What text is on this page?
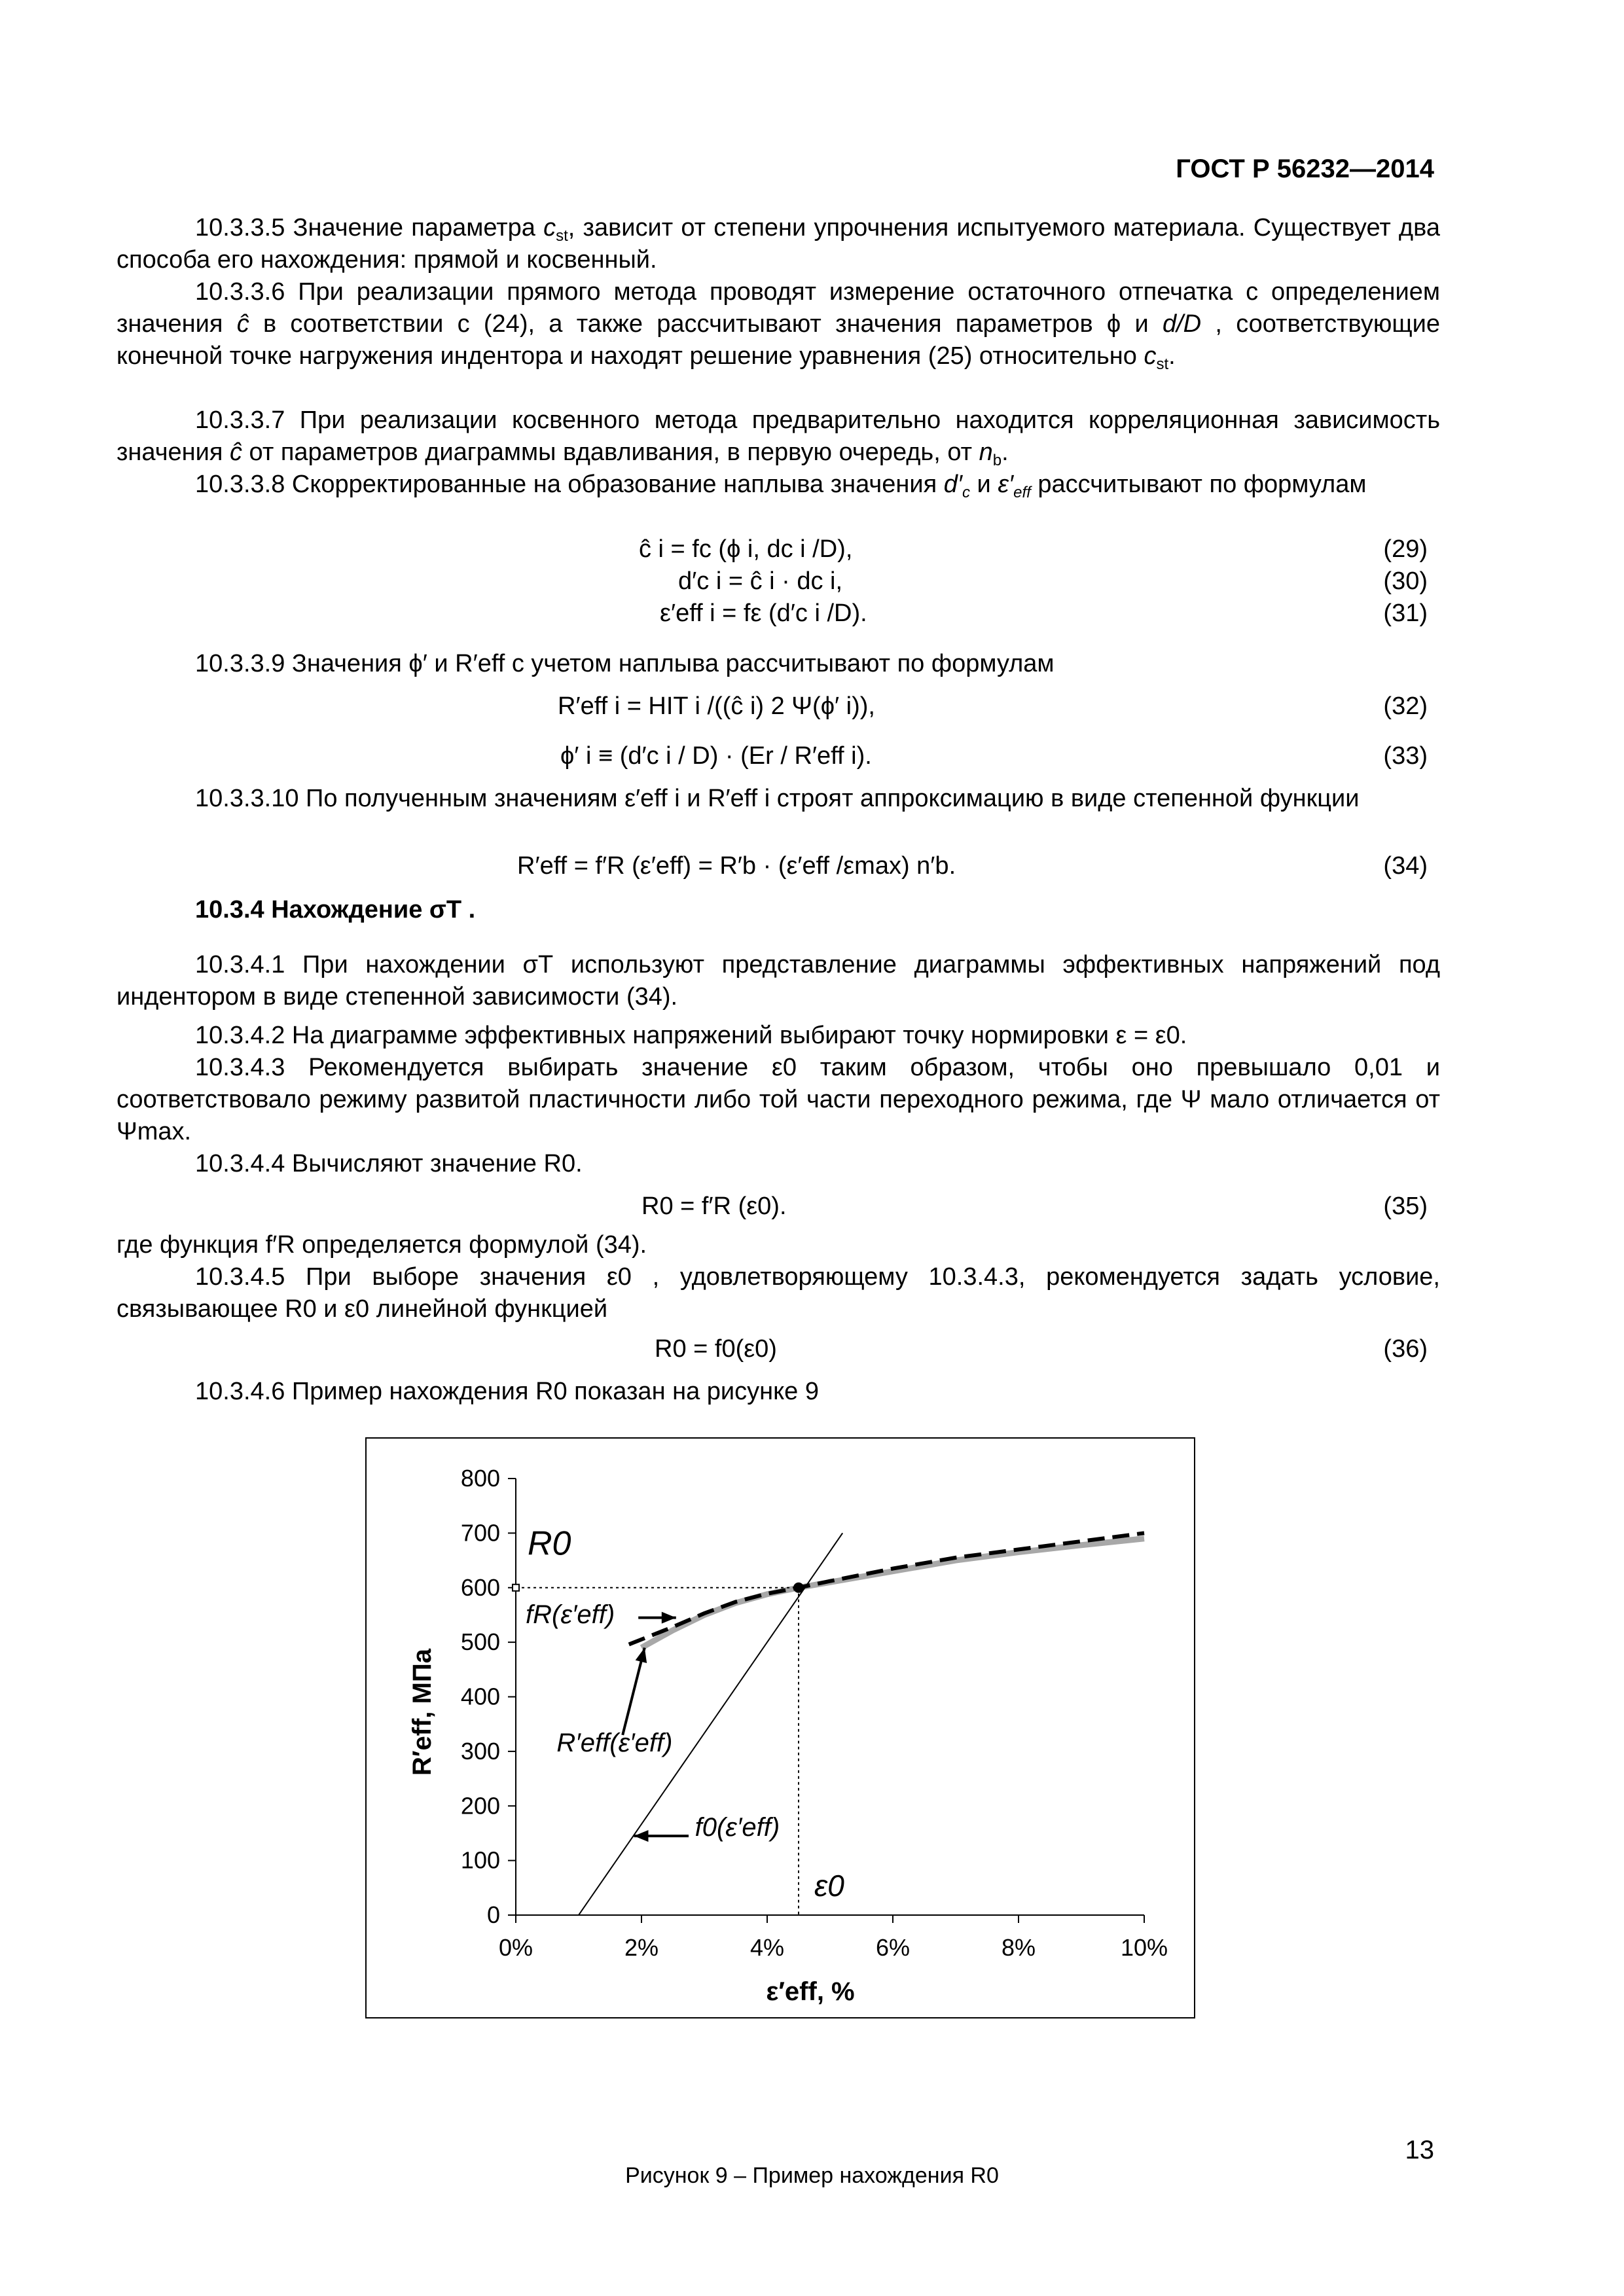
ГОСТ Р 56232—2014
10.3.3.5 Значение параметра $c_{st}$, зависит от степени упрочнения испытуемого материала. Существует два способа его нахождения: прямой и косвенный.
10.3.3.6 При реализации прямого метода проводят измерение остаточного отпечатка с определением значения ĉ в соответствии с (24), а также рассчитывают значения параметров ϕ и d/D , соответствующие конечной точке нагружения индентора и находят решение уравнения (25) относительно $c_{st}$.
10.3.3.7 При реализации косвенного метода предварительно находится корреляционная зависимость значения ĉ от параметров диаграммы вдавливания, в первую очередь, от $n_b$.
10.3.3.8 Скорректированные на образование наплыва значения $d'_c$ и $\varepsilon'_{eff}$ рассчитывают по формулам
ĉ i = fc (ϕ i, dc i /D),	(29)
d′c i = ĉ i · dc i,	(30)
ε′eff i = fε (d′c i /D).	(31)
10.3.3.9 Значения ϕ′ и R′eff с учетом наплыва рассчитывают по формулам
R′eff i = HIT i /((ĉ i) 2 Ψ(ϕ′ i)),	(32)
ϕ′ i ≡ (d′c i / D) · (Er / R′eff i).	(33)
10.3.3.10 По полученным значениям ε′eff i и R′eff i строят аппроксимацию в виде степенной функции
R′eff = f′R (ε′eff) = R′b · (ε′eff /εmax) n′b.	(34)
10.3.4 Нахождение σТ .
10.3.4.1 При нахождении σТ используют представление диаграммы эффективных напряжений под индентором в виде степенной зависимости (34).
10.3.4.2 На диаграмме эффективных напряжений выбирают точку нормировки ε = ε0.
10.3.4.3 Рекомендуется выбирать значение ε0 таким образом, чтобы оно превышало 0,01 и соответствовало режиму развитой пластичности либо той части переходного режима, где Ψ мало отличается от Ψmax.
10.3.4.4 Вычисляют значение R0.
R0 = f′R (ε0).	(35)
где функция f′R определяется формулой (34).
10.3.4.5 При выборе значения ε0 , удовлетворяющему 10.3.4.3, рекомендуется задать условие, связывающее R0 и ε0 линейной функцией
R0 = f0(ε0)	(36)
10.3.4.6 Пример нахождения R0 показан на рисунке 9
0
100
200
300
400
500
600
700
800
0%	2%	4%	6%	8%	10%
R0
ε0
fR(ε′eff)
R′eff(ε′eff)
f0(ε′eff)
R′eff, МПа
ε′eff, %
Рисунок 9 – Пример нахождения R0
13
